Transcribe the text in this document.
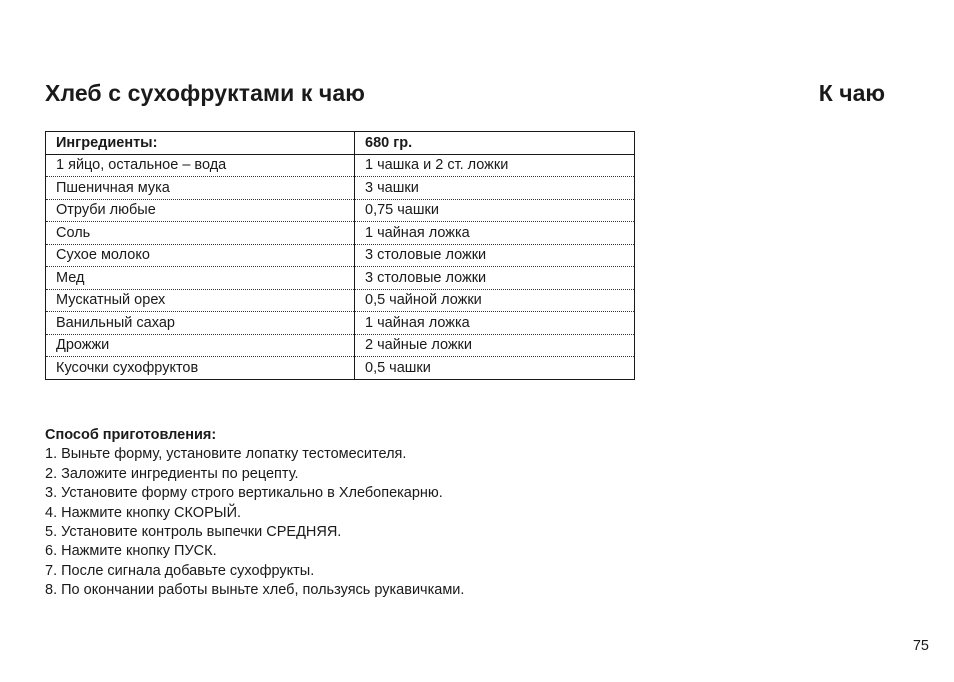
Хлеб с сухофруктами к чаю	К чаю
Ингредиенты:	680 гр.
1 яйцо, остальное – вода	1 чашка и 2 ст. ложки
Пшеничная мука	3 чашки
Отруби любые	0,75 чашки
Соль	1 чайная ложка
Сухое молоко	3 столовые ложки
Мед	3 столовые ложки
Мускатный орех	0,5 чайной ложки
Ванильный сахар	1 чайная ложка
Дрожжи	2 чайные ложки
Кусочки сухофруктов	0,5 чашки
Способ приготовления:
1. Выньте форму, установите лопатку тестомесителя.
2. Заложите ингредиенты по рецепту.
3. Установите форму строго вертикально в Хлебопекарню.
4. Нажмите кнопку СКОРЫЙ.
5. Установите контроль выпечки СРЕДНЯЯ.
6. Нажмите кнопку ПУСК.
7. После сигнала добавьте сухофрукты.
8. По окончании работы выньте хлеб, пользуясь рукавичками.
75
